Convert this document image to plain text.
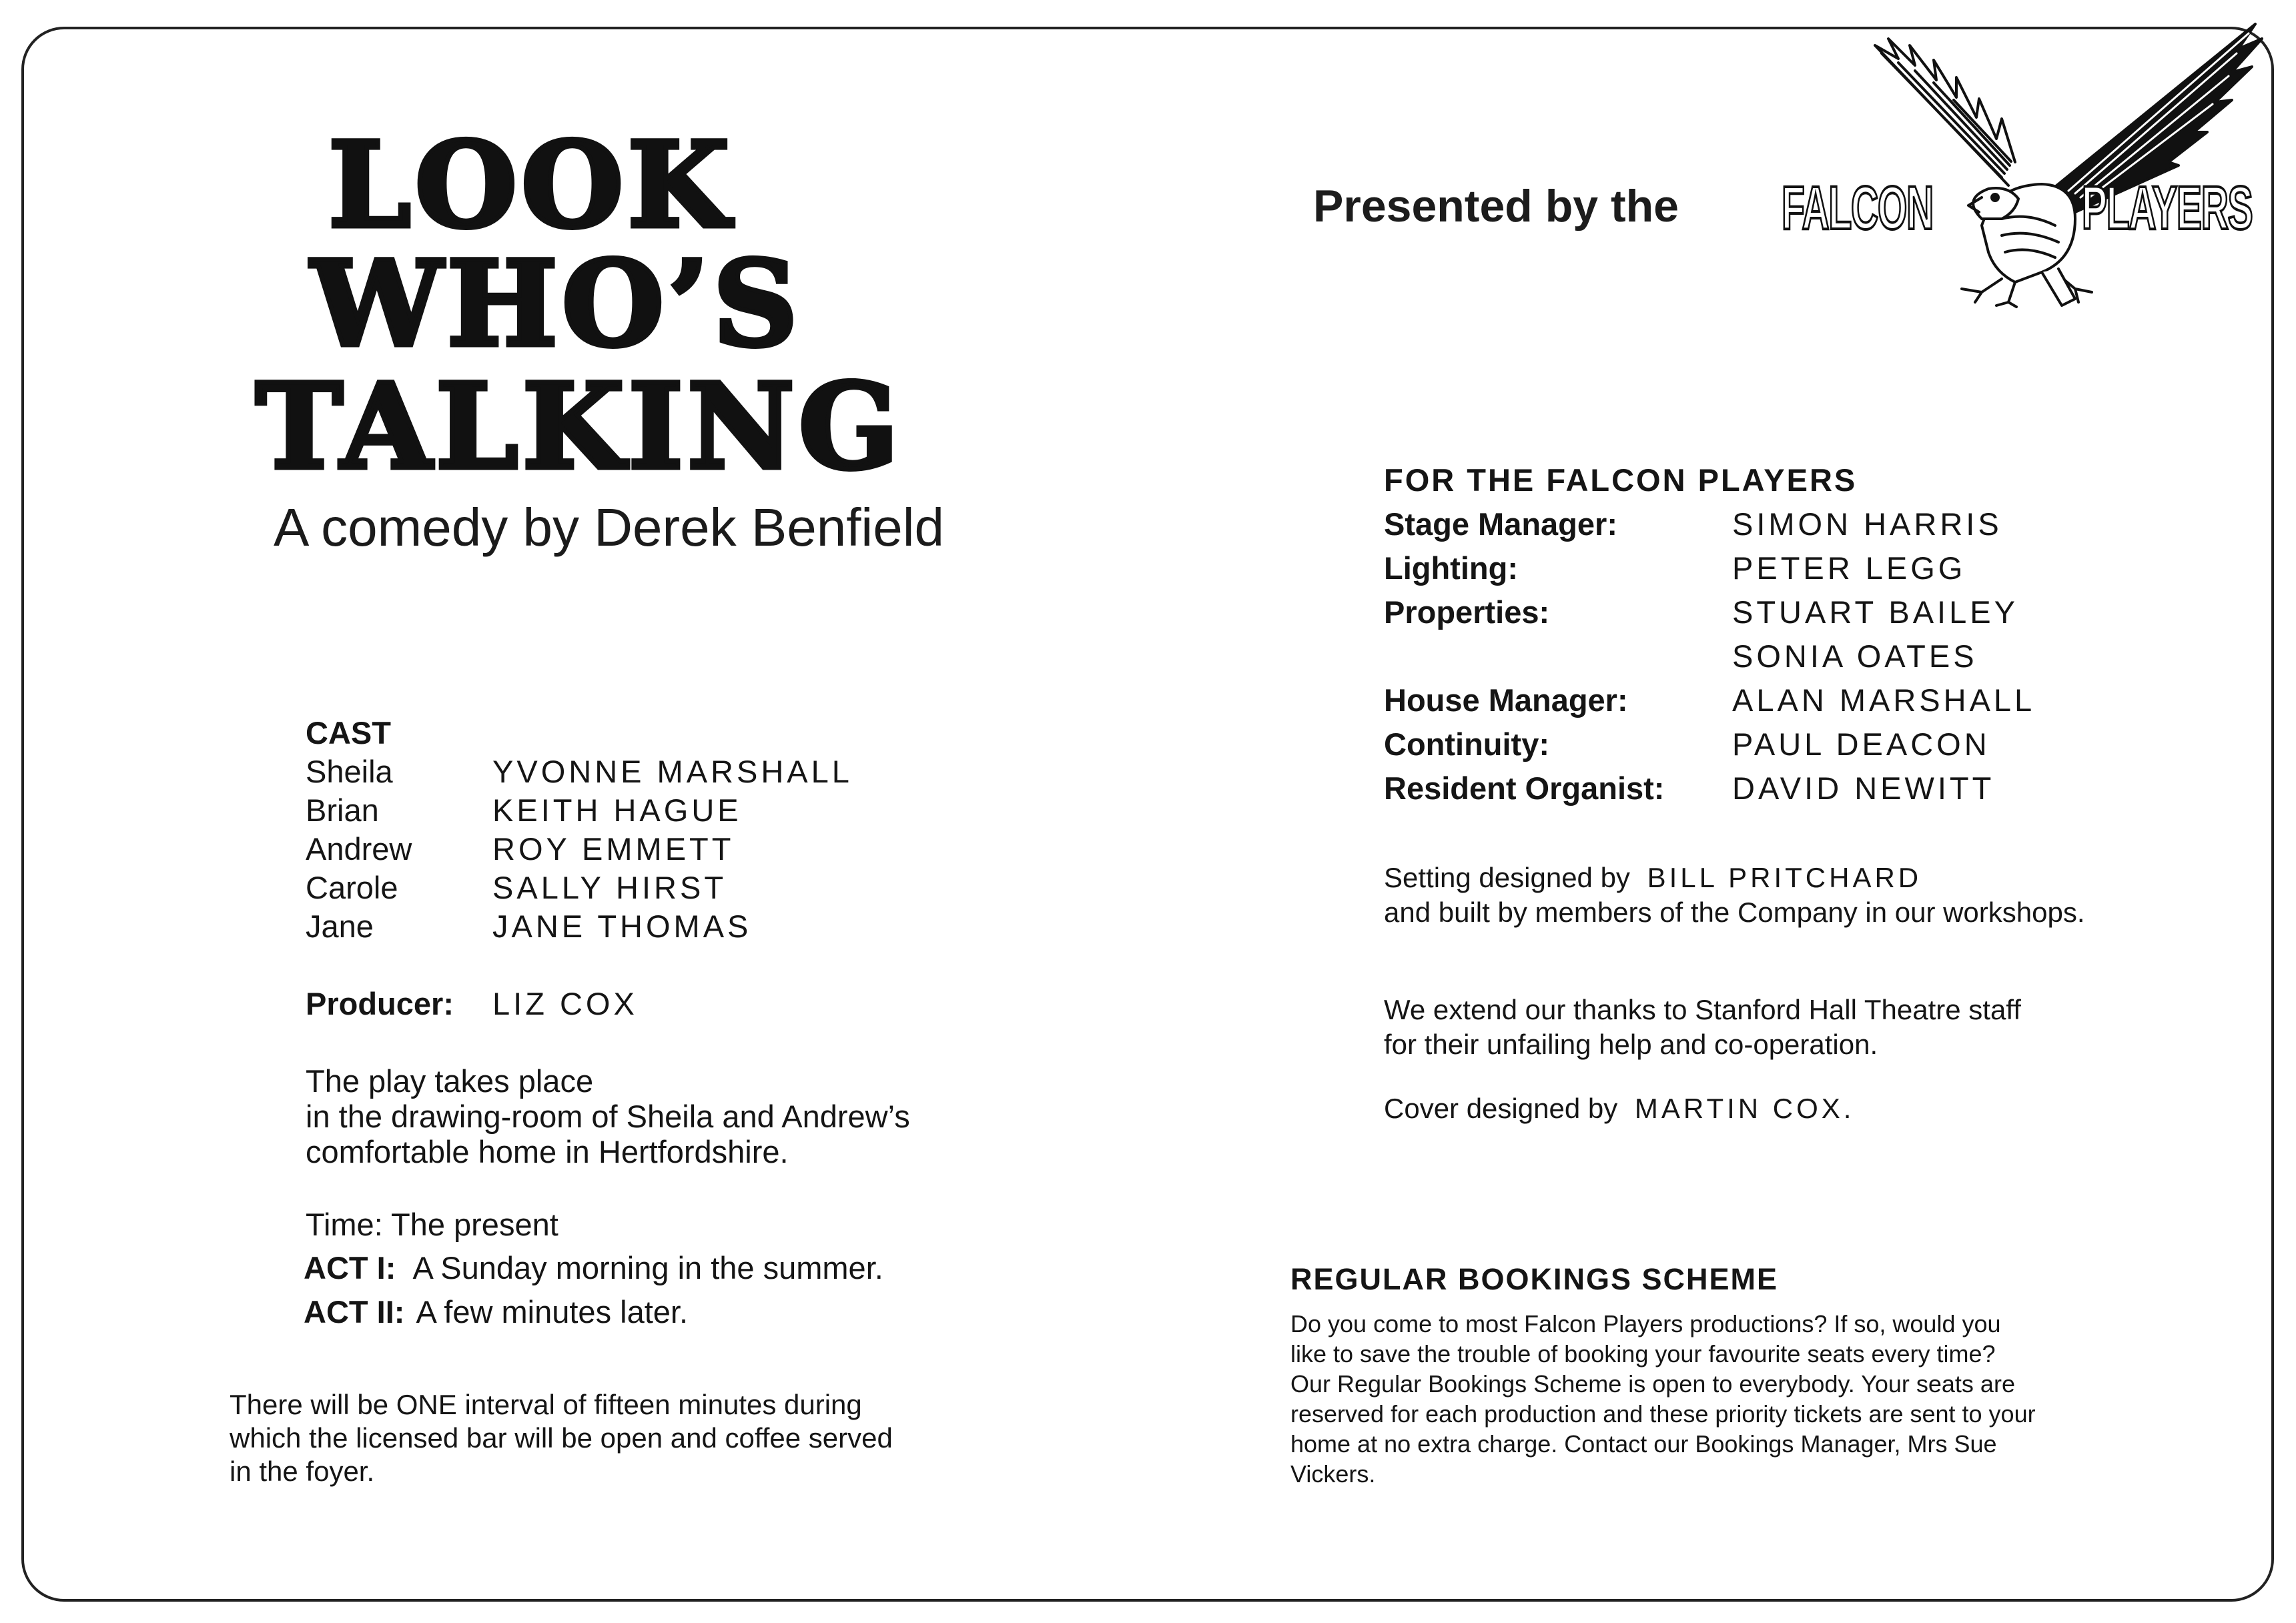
LOOK
WHO’S
TALKING
A comedy by Derek Benfield
CAST
Sheila	YVONNE MARSHALL
Brian	KEITH HAGUE
Andrew	ROY EMMETT
Carole	SALLY HIRST
Jane	JANE THOMAS
Producer: LIZ COX
The play takes place
in the drawing-room of Sheila and Andrew’s
comfortable home in Hertfordshire.
Time: The present
ACT I: A Sunday morning in the summer.
ACT II: A few minutes later.
There will be ONE interval of fifteen minutes during
which the licensed bar will be open and coffee served
in the foyer.
Presented by the FALCON PLAYERS
FOR THE FALCON PLAYERS
Stage Manager:	SIMON HARRIS
Lighting:	PETER LEGG
Properties:	STUART BAILEY
SONIA OATES
House Manager:	ALAN MARSHALL
Continuity:	PAUL DEACON
Resident Organist: DAVID NEWITT
Setting designed by BILL PRITCHARD
and built by members of the Company in our workshops.
We extend our thanks to Stanford Hall Theatre staff
for their unfailing help and co-operation.
Cover designed by MARTIN COX.
REGULAR BOOKINGS SCHEME
Do you come to most Falcon Players productions? If so, would you
like to save the trouble of booking your favourite seats every time?
Our Regular Bookings Scheme is open to everybody. Your seats are
reserved for each production and these priority tickets are sent to your
home at no extra charge. Contact our Bookings Manager, Mrs Sue
Vickers.
